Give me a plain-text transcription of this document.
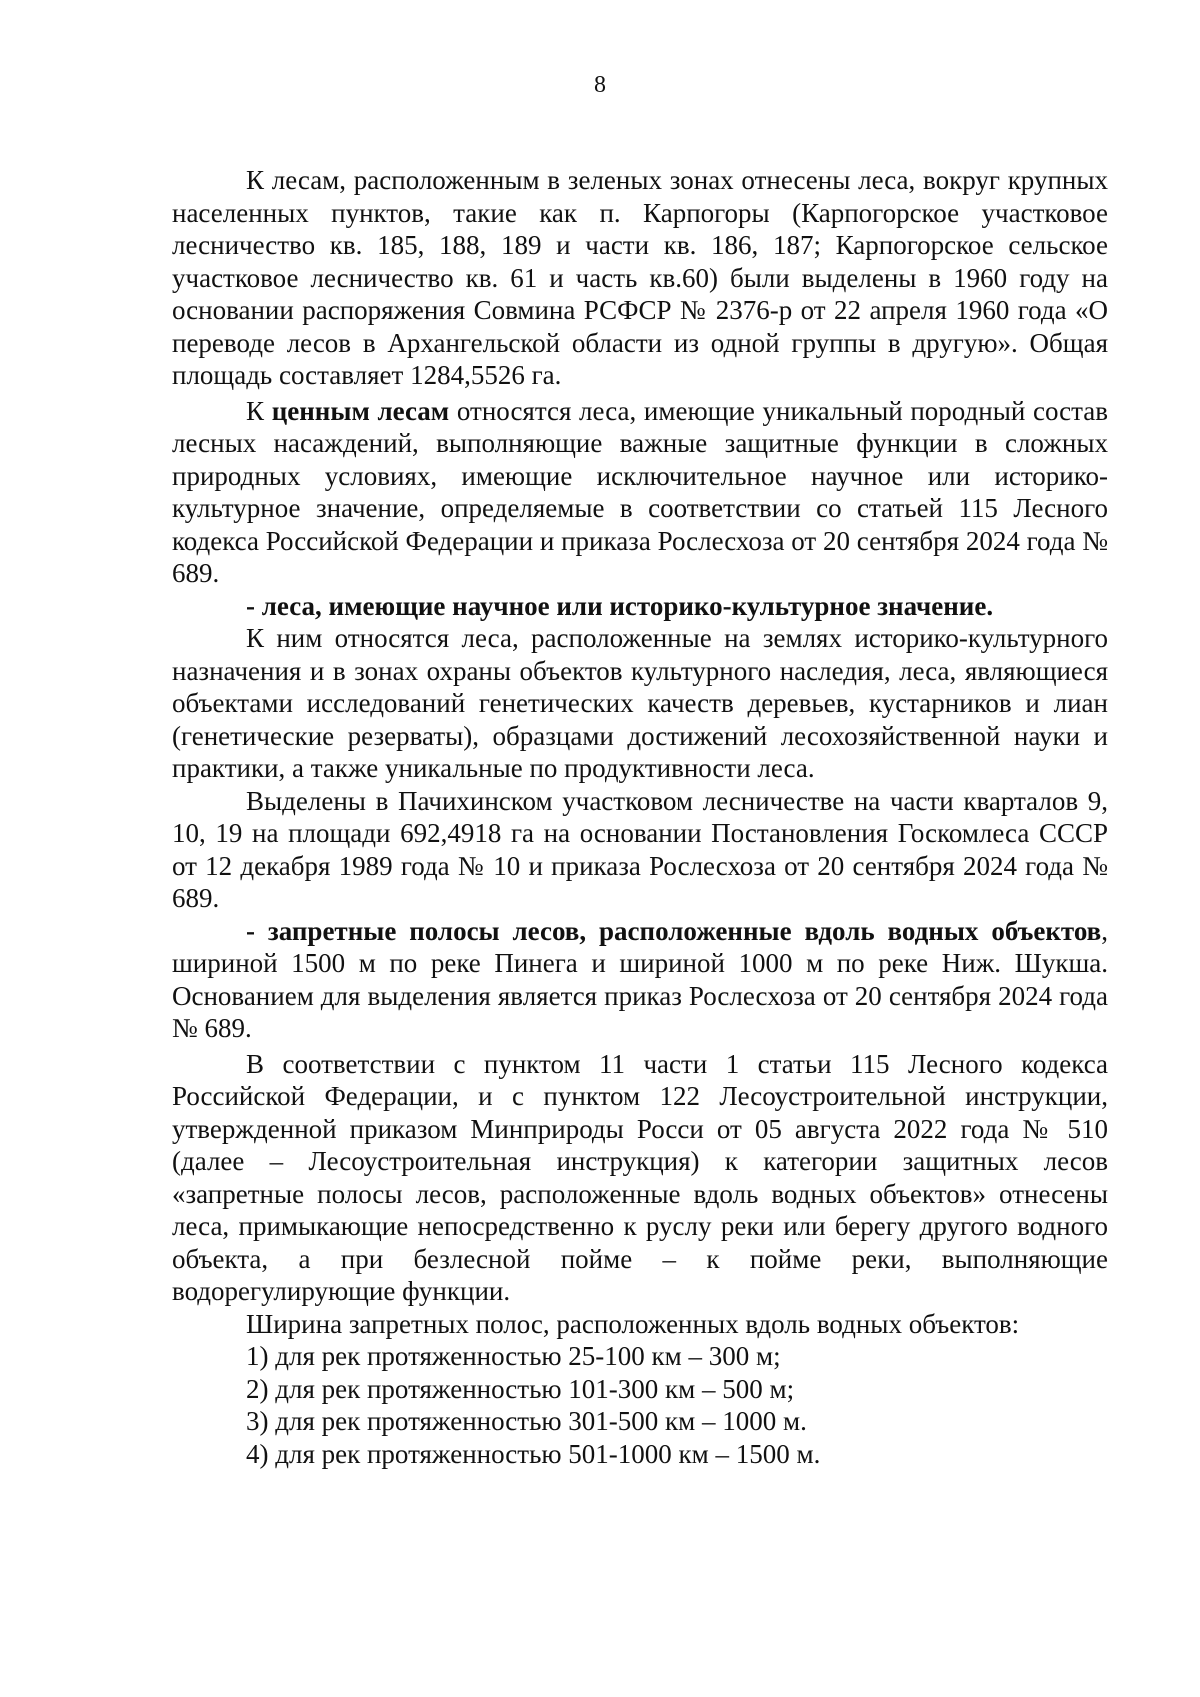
8

К лесам, расположенным в зеленых зонах отнесены леса, вокруг крупных населенных пунктов, такие как п. Карпогоры (Карпогорское участковое лесничество кв. 185, 188, 189 и части кв. 186, 187; Карпогорское сельское участковое лесничество кв. 61 и часть кв.60) были выделены в 1960 году на основании распоряжения Совмина РСФСР № 2376-р от 22 апреля 1960 года «О переводе лесов в Архангельской области из одной группы в другую». Общая площадь составляет 1284,5526 га.

К ценным лесам относятся леса, имеющие уникальный породный состав лесных насаждений, выполняющие важные защитные функции в сложных природных условиях, имеющие исключительное научное или историко-культурное значение, определяемые в соответствии со статьей 115 Лесного кодекса Российской Федерации и приказа Рослесхоза от 20 сентября 2024 года № 689.

- леса, имеющие научное или историко-культурное значение.

К ним относятся леса, расположенные на землях историко-культурного назначения и в зонах охраны объектов культурного наследия, леса, являющиеся объектами исследований генетических качеств деревьев, кустарников и лиан (генетические резерваты), образцами достижений лесохозяйственной науки и практики, а также уникальные по продуктивности леса.

Выделены в Пачихинском участковом лесничестве на части кварталов 9, 10, 19 на площади 692,4918 га на основании Постановления Госкомлеса СССР от 12 декабря 1989 года № 10 и приказа Рослесхоза от 20 сентября 2024 года № 689.

- запретные полосы лесов, расположенные вдоль водных объектов, шириной 1500 м по реке Пинега и шириной 1000 м по реке Ниж. Шукша. Основанием для выделения является приказ Рослесхоза от 20 сентября 2024 года № 689.

В соответствии с пунктом 11 части 1 статьи 115 Лесного кодекса Российской Федерации, и с пунктом 122 Лесоустроительной инструкции, утвержденной приказом Минприроды Росси от 05 августа 2022 года № 510 (далее – Лесоустроительная инструкция) к категории защитных лесов «запретные полосы лесов, расположенные вдоль водных объектов» отнесены леса, примыкающие непосредственно к руслу реки или берегу другого водного объекта, а при безлесной пойме – к пойме реки, выполняющие водорегулирующие функции.

Ширина запретных полос, расположенных вдоль водных объектов:

1) для рек протяженностью 25-100 км – 300 м;

2) для рек протяженностью 101-300 км – 500 м;

3) для рек протяженностью 301-500 км – 1000 м.

4) для рек протяженностью 501-1000 км – 1500 м.
